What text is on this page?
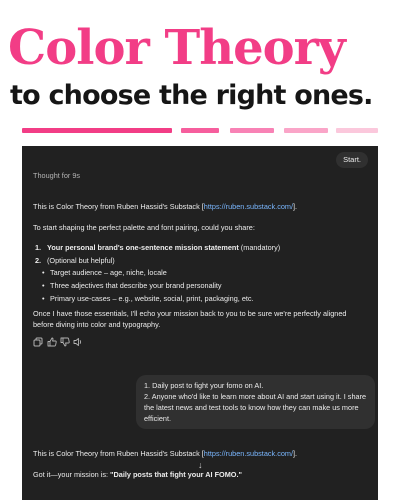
Color Theory
to choose the right ones.
Start.
Thought for 9s
This is Color Theory from Ruben Hassid's Substack [https://ruben.substack.com/].
To start shaping the perfect palette and font pairing, could you share:
1. Your personal brand's one-sentence mission statement (mandatory)
2. (Optional but helpful)
• Target audience – age, niche, locale
• Three adjectives that describe your brand personality
• Primary use-cases – e.g., website, social, print, packaging, etc.
Once I have those essentials, I'll echo your mission back to you to be sure we're perfectly aligned before diving into color and typography.
1. Daily post to fight your fomo on AI.
2. Anyone who'd like to learn more about AI and start using it. I share the latest news and test tools to know how they can make us more efficient.
This is Color Theory from Ruben Hassid's Substack [https://ruben.substack.com/].
Got it—your mission is: "Daily posts that fight your AI FOMO."
↓
